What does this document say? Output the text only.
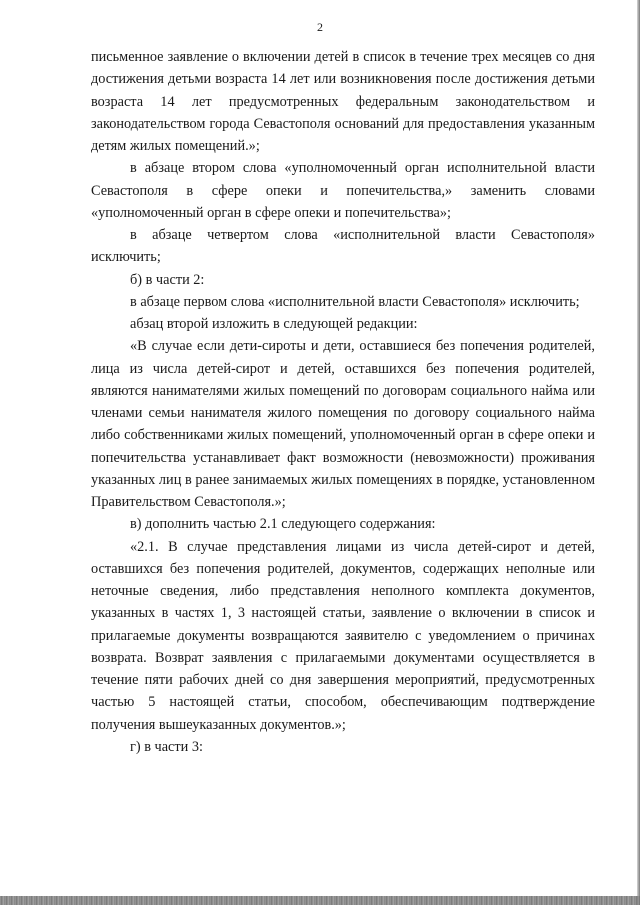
2

письменное заявление о включении детей в список в течение трех месяцев со дня достижения детьми возраста 14 лет или возникновения после достижения детьми возраста 14 лет предусмотренных федеральным законодательством и законодательством города Севастополя оснований для предоставления указанным детям жилых помещений.»;

в абзаце втором слова «уполномоченный орган исполнительной власти Севастополя в сфере опеки и попечительства,» заменить словами «уполномоченный орган в сфере опеки и попечительства»;

в абзаце четвертом слова «исполнительной власти Севастополя» исключить;

б) в части 2:

в абзаце первом слова «исполнительной власти Севастополя» исключить;

абзац второй изложить в следующей редакции:

«В случае если дети-сироты и дети, оставшиеся без попечения родителей, лица из числа детей-сирот и детей, оставшихся без попечения родителей, являются нанимателями жилых помещений по договорам социального найма или членами семьи нанимателя жилого помещения по договору социального найма либо собственниками жилых помещений, уполномоченный орган в сфере опеки и попечительства устанавливает факт возможности (невозможности) проживания указанных лиц в ранее занимаемых жилых помещениях в порядке, установленном Правительством Севастополя.»;

в) дополнить частью 2.1 следующего содержания:

«2.1. В случае представления лицами из числа детей-сирот и детей, оставшихся без попечения родителей, документов, содержащих неполные или неточные сведения, либо представления неполного комплекта документов, указанных в частях 1, 3 настоящей статьи, заявление о включении в список и прилагаемые документы возвращаются заявителю с уведомлением о причинах возврата. Возврат заявления с прилагаемыми документами осуществляется в течение пяти рабочих дней со дня завершения мероприятий, предусмотренных частью 5 настоящей статьи, способом, обеспечивающим подтверждение получения вышеуказанных документов.»;

г) в части 3:
